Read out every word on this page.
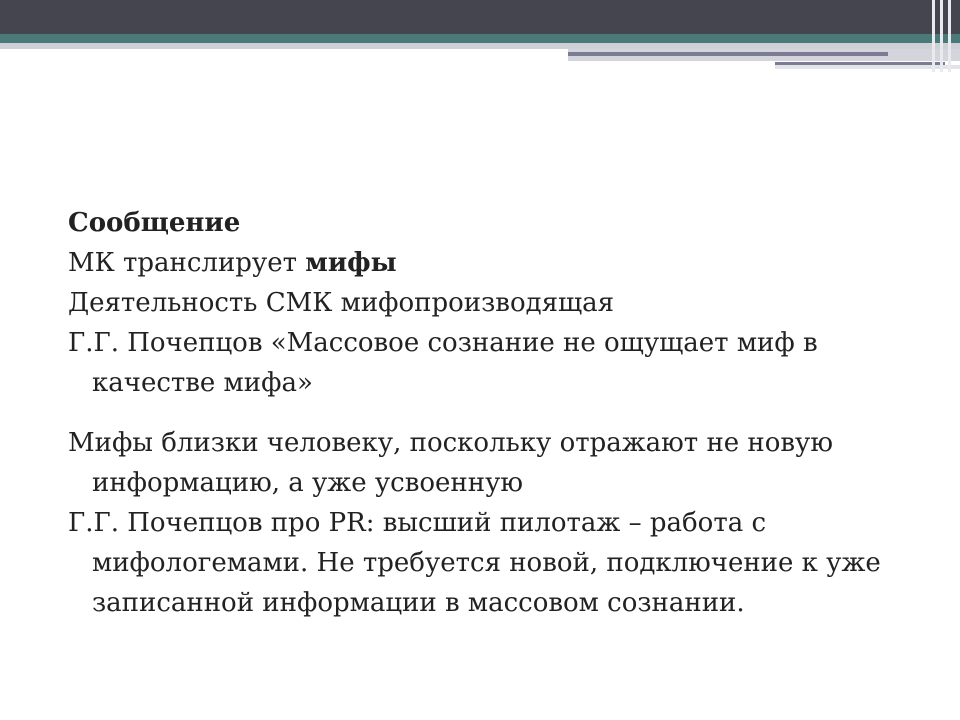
Сообщение

МК транслирует мифы

Деятельность СМК мифопроизводящая

Г.Г. Почепцов «Массовое сознание не ощущает миф в качестве мифа»

Мифы близки человеку, поскольку отражают не новую информацию, а уже усвоенную

Г.Г. Почепцов про PR: высший пилотаж – работа с мифологемами. Не требуется новой, подключение к уже записанной информации в массовом сознании.
